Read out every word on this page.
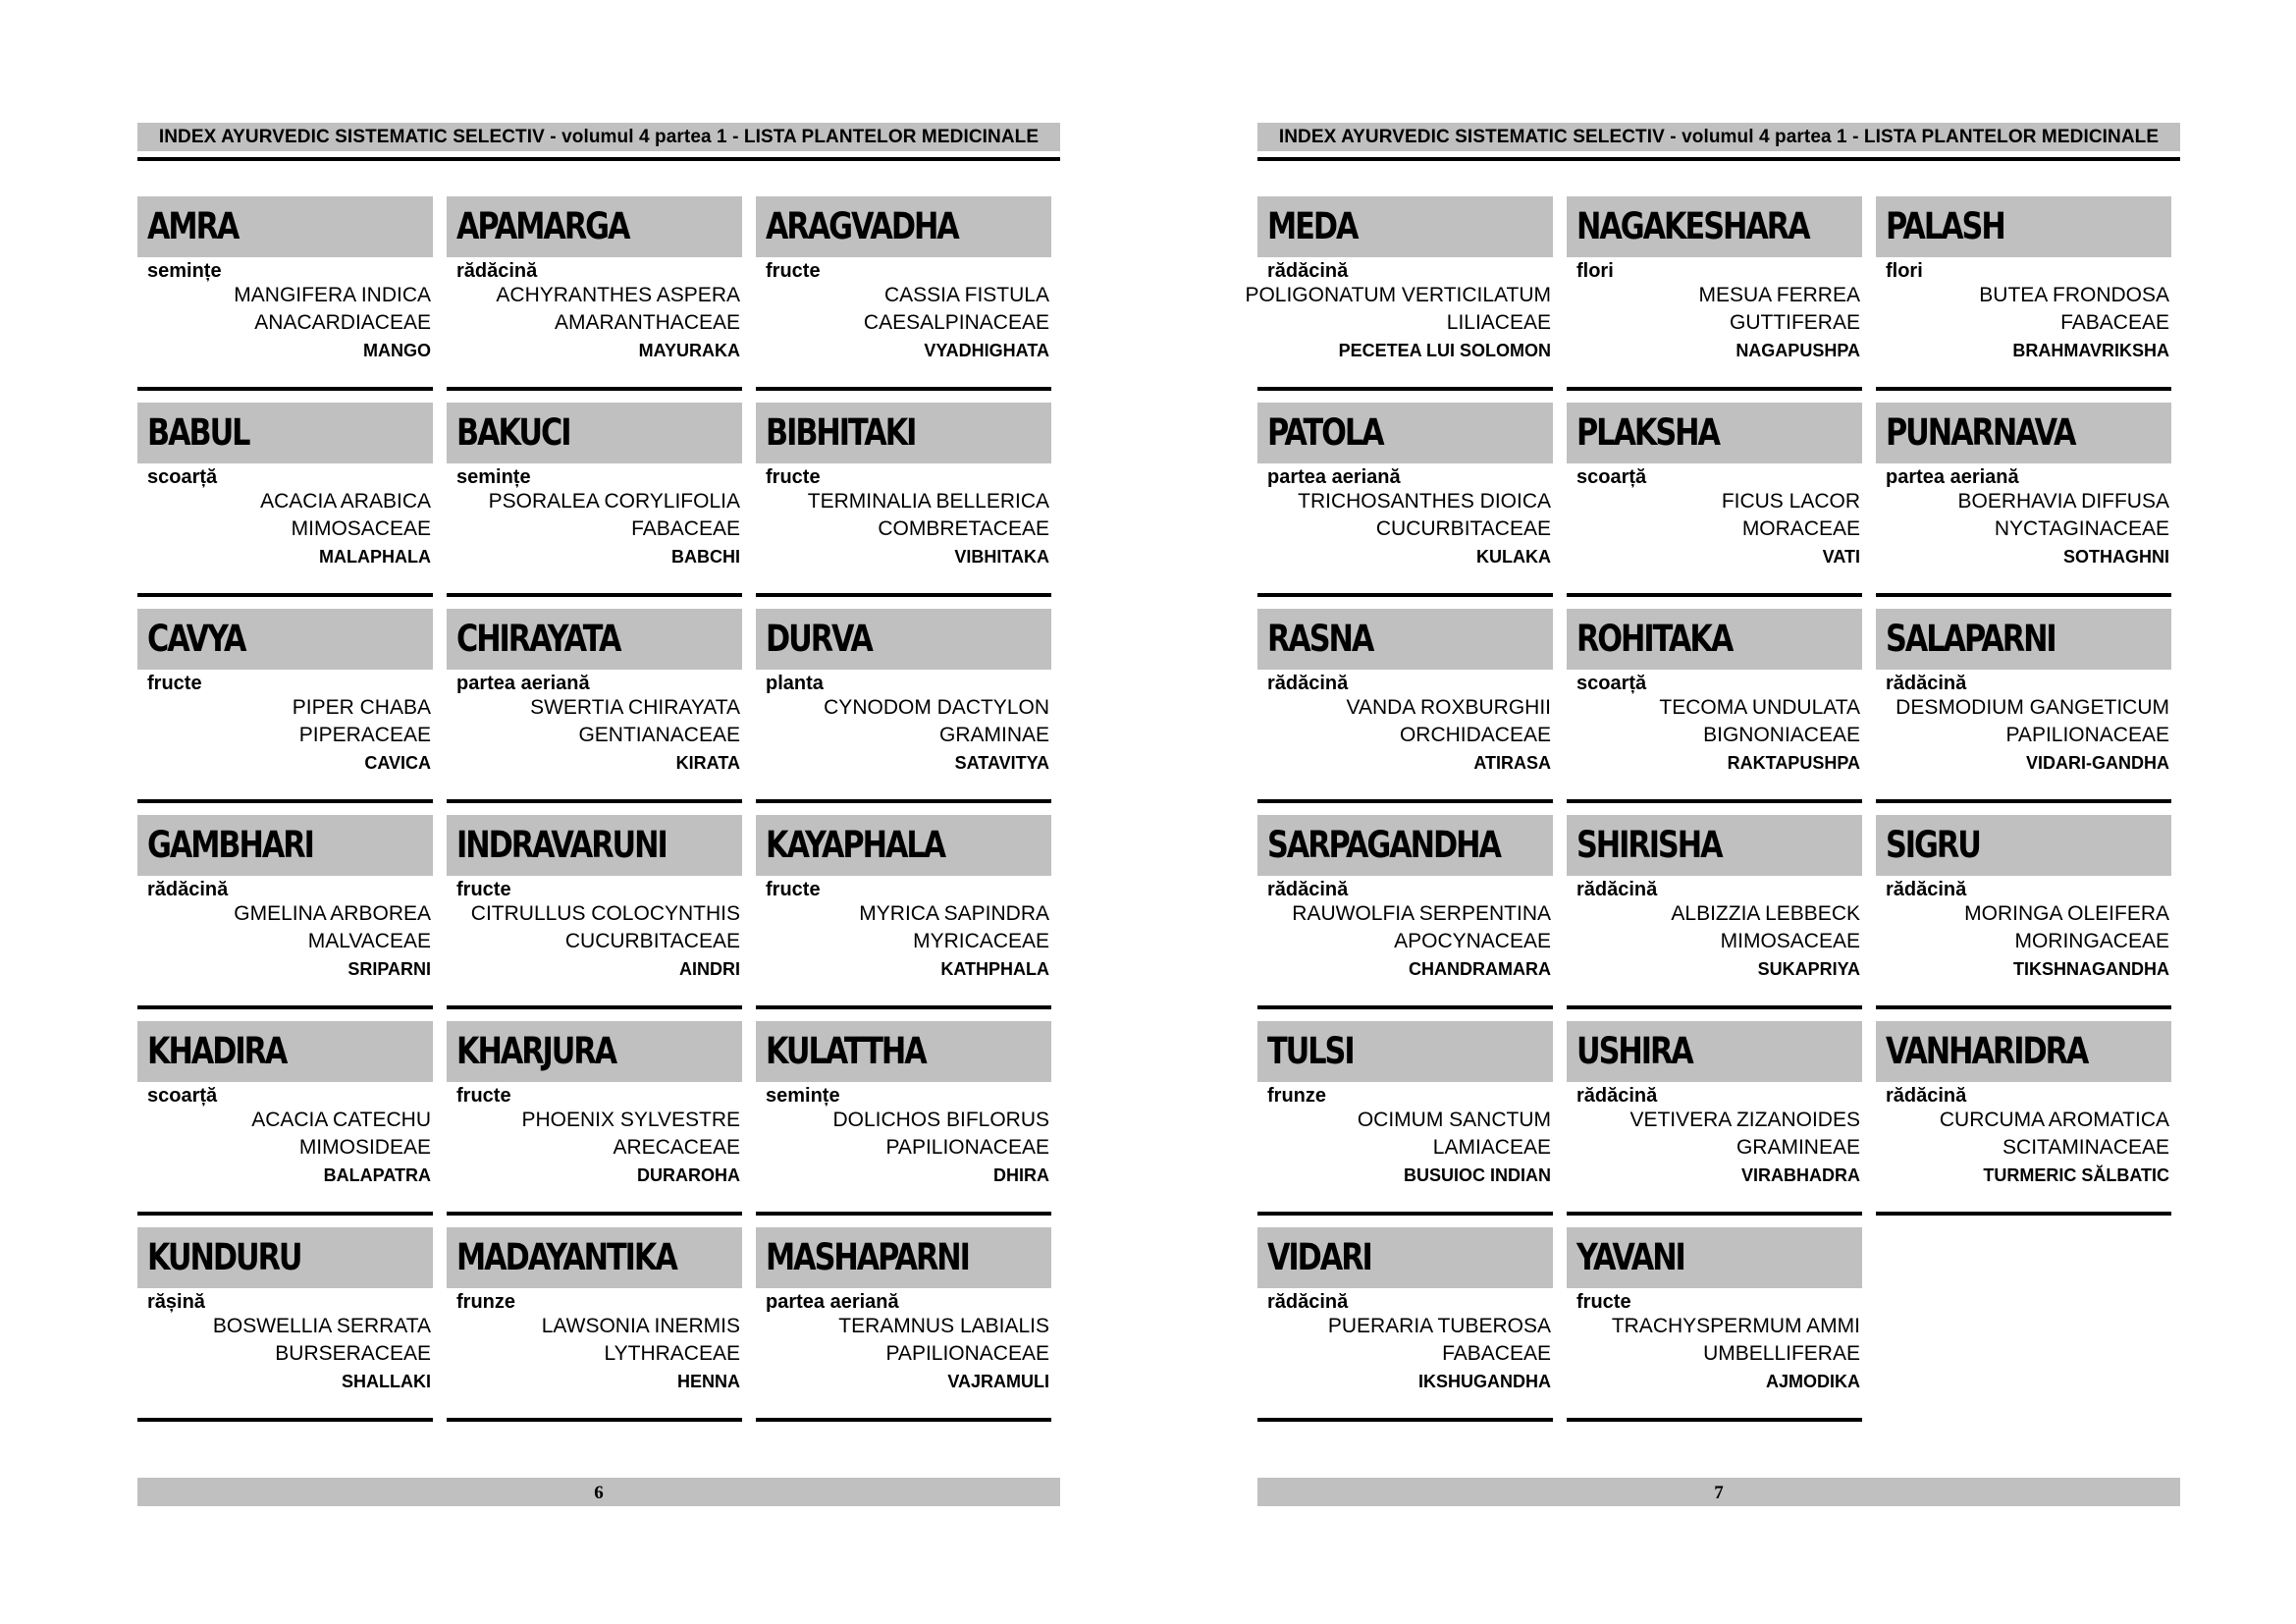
INDEX AYURVEDIC SISTEMATIC SELECTIV - volumul 4 partea 1 - LISTA PLANTELOR MEDICINALE
AMRA
semințe
MANGIFERA INDICA
ANACARDIACEAE
MANGO
APAMARGA
rădăcină
ACHYRANTHES ASPERA
AMARANTHACEAE
MAYURAKA
ARAGVADHA
fructe
CASSIA FISTULA
CAESALPINACEAE
VYADHIGHATA
BABUL
scoarță
ACACIA ARABICA
MIMOSACEAE
MALAPHALA
BAKUCI
semințe
PSORALEA CORYLIFOLIA
FABACEAE
BABCHI
BIBHITAKI
fructe
TERMINALIA BELLERICA
COMBRETACEAE
VIBHITAKA
CAVYA
fructe
PIPER CHABA
PIPERACEAE
CAVICA
CHIRAYATA
partea aeriană
SWERTIA CHIRAYATA
GENTIANACEAE
KIRATA
DURVA
planta
CYNODOM DACTYLON
GRAMINAE
SATAVITYA
GAMBHARI
rădăcină
GMELINA ARBOREA
MALVACEAE
SRIPARNI
INDRAVARUNI
fructe
CITRULLUS COLOCYNTHIS
CUCURBITACEAE
AINDRI
KAYAPHALA
fructe
MYRICA SAPINDRA
MYRICACEAE
KATHPHALA
KHADIRA
scoarță
ACACIA CATECHU
MIMOSIDEAE
BALAPATRA
KHARJURA
fructe
PHOENIX SYLVESTRE
ARECACEAE
DURAROHA
KULATTHA
semințe
DOLICHOS BIFLORUS
PAPILIONACEAE
DHIRA
KUNDURU
rășină
BOSWELLIA SERRATA
BURSERACEAE
SHALLAKI
MADAYANTIKA
frunze
LAWSONIA INERMIS
LYTHRACEAE
HENNA
MASHAPARNI
partea aeriană
TERAMNUS LABIALIS
PAPILIONACEAE
VAJRAMULI
6
INDEX AYURVEDIC SISTEMATIC SELECTIV - volumul 4 partea 1 - LISTA PLANTELOR MEDICINALE
MEDA
rădăcină
POLIGONATUM VERTICILATUM
LILIACEAE
PECETEA LUI SOLOMON
NAGAKESHARA
flori
MESUA FERREA
GUTTIFERAE
NAGAPUSHPA
PALASH
flori
BUTEA FRONDOSA
FABACEAE
BRAHMAVRIKSHA
PATOLA
partea aeriană
TRICHOSANTHES DIOICA
CUCURBITACEAE
KULAKA
PLAKSHA
scoarță
FICUS LACOR
MORACEAE
VATI
PUNARNAVA
partea aeriană
BOERHAVIA DIFFUSA
NYCTAGINACEAE
SOTHAGHNI
RASNA
rădăcină
VANDA ROXBURGHII
ORCHIDACEAE
ATIRASA
ROHITAKA
scoarță
TECOMA UNDULATA
BIGNONIACEAE
RAKTAPUSHPA
SALAPARNI
rădăcină
DESMODIUM GANGETICUM
PAPILIONACEAE
VIDARI-GANDHA
SARPAGANDHA
rădăcină
RAUWOLFIA SERPENTINA
APOCYNACEAE
CHANDRAMARA
SHIRISHA
rădăcină
ALBIZZIA LEBBECK
MIMOSACEAE
SUKAPRIYA
SIGRU
rădăcină
MORINGA OLEIFERA
MORINGACEAE
TIKSHNAGANDHA
TULSI
frunze
OCIMUM SANCTUM
LAMIACEAE
BUSUIOC INDIAN
USHIRA
rădăcină
VETIVERA ZIZANOIDES
GRAMINEAE
VIRABHADRA
VANHARIDRA
rădăcină
CURCUMA AROMATICA
SCITAMINACEAE
TURMERIC SĂLBATIC
VIDARI
rădăcină
PUERARIA TUBEROSA
FABACEAE
IKSHUGANDHA
YAVANI
fructe
TRACHYSPERMUM AMMI
UMBELLIFERAE
AJMODIKA
7
